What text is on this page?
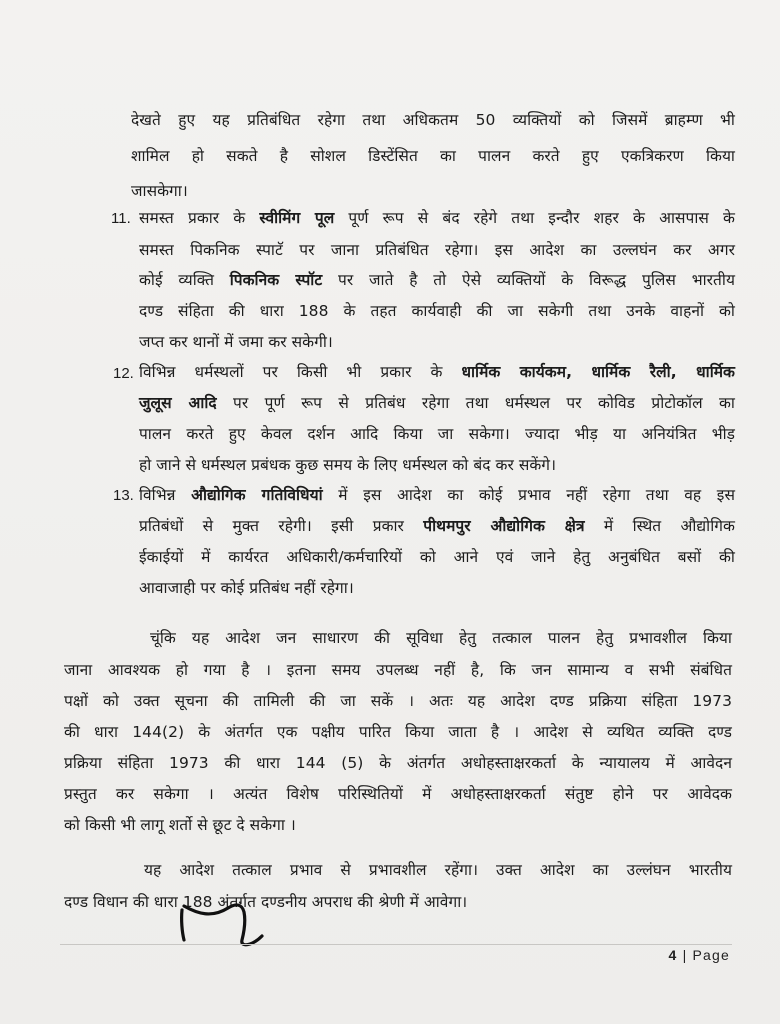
देखते हुए यह प्रतिबंधित रहेगा तथा अधिकतम 50 व्यक्तियों को जिसमें ब्राहम्ण भी
शामिल हो सकते है सोशल डिस्टेंसित का पालन करते हुए एकत्रिकरण किया
जासकेगा।
11. समस्त प्रकार के स्वीमिंग पूल पूर्ण रूप से बंद रहेगे तथा इन्दौर शहर के आसपास के
समस्त पिकनिक स्पाटॅ पर जाना प्रतिबंधित रहेगा। इस आदेश का उल्लघंन कर अगर
कोई व्यक्ति पिकनिक स्पॉट पर जाते है तो ऐसे व्यक्तियों के विरूद्ध पुलिस भारतीय
दण्ड संहिता की धारा 188 के तहत कार्यवाही की जा सकेगी तथा उनके वाहनों को
जप्त कर थानों में जमा कर सकेगी।
12. विभिन्न धर्मस्थलों पर किसी भी प्रकार के धार्मिक कार्यकम, धार्मिक रैली, धार्मिक
जुलूस आदि पर पूर्ण रूप से प्रतिबंध रहेगा तथा धर्मस्थल पर कोविड प्रोटोकॉल का
पालन करते हुए केवल दर्शन आदि किया जा सकेगा। ज्यादा भीड़ या अनियंत्रित भीड़
हो जाने से धर्मस्थल प्रबंधक कुछ समय के लिए धर्मस्थल को बंद कर सकेंगे।
13. विभिन्न औद्योगिक गतिविधियां में इस आदेश का कोई प्रभाव नहीं रहेगा तथा वह इस
प्रतिबंधों से मुक्त रहेगी। इसी प्रकार पीथमपुर औद्योगिक क्षेत्र में स्थित औद्योगिक
ईकाईयों में कार्यरत अधिकारी/कर्मचारियों को आने एवं जाने हेतु अनुबंधित बसों की
आवाजाही पर कोई प्रतिबंध नहीं रहेगा।
चूंकि यह आदेश जन साधारण की सूविधा हेतु तत्काल पालन हेतु प्रभावशील किया
जाना आवश्यक हो गया है । इतना समय उपलब्ध नहीं है, कि जन सामान्य व सभी संबंधित
पक्षों को उक्त सूचना की तामिली की जा सकें । अतः यह आदेश दण्ड प्रक्रिया संहिता 1973
की धारा 144(2) के अंतर्गत एक पक्षीय पारित किया जाता है । आदेश से व्यथित व्यक्ति दण्ड
प्रक्रिया संहिता 1973 की धारा 144 (5) के अंतर्गत अधोहस्ताक्षरकर्ता के न्यायालय में आवेदन
प्रस्तुत कर सकेगा । अत्यंत विशेष परिस्थितियों में अधोहस्ताक्षरकर्ता संतुष्ट होने पर आवेदक
को किसी भी लागू शर्तो से छूट दे सकेगा ।
यह आदेश तत्काल प्रभाव से प्रभावशील रहेंगा। उक्त आदेश का उल्लंघन भारतीय
दण्ड विधान की धारा 188 अंतर्गत दण्डनीय अपराध की श्रेणी में आवेगा।
4 | Page
